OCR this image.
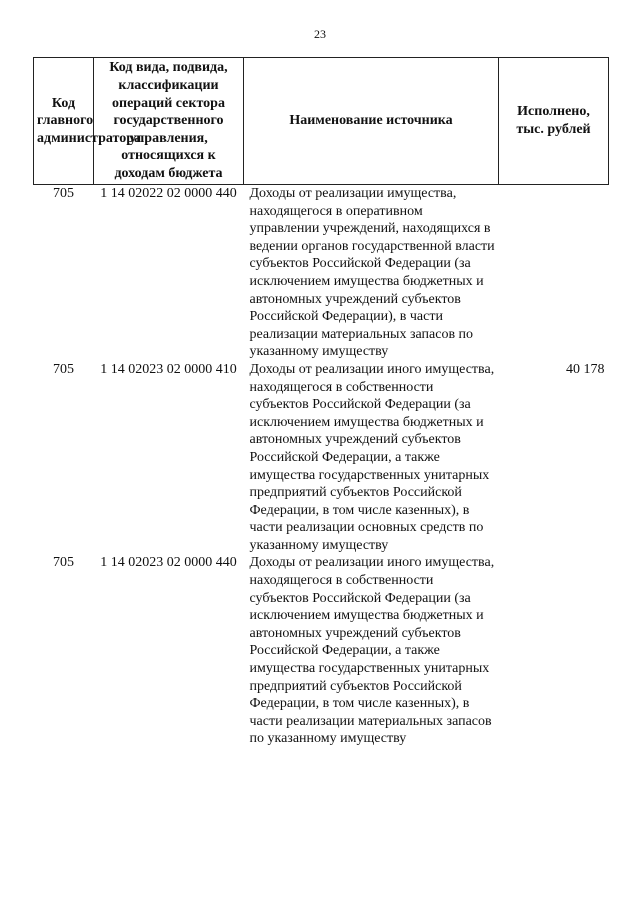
23
Код главного администратора	Код вида, подвида, классификации операций сектора государственного управления, относящихся к доходам бюджета	Наименование источника	Исполнено, тыс. рублей
705	1 14 02022 02 0000 440	Доходы от реализации имущества, находящегося в оперативном управлении учреждений, находящихся в ведении органов государственной власти субъектов Российской Федерации (за исключением имущества бюджетных и автономных учреждений субъектов Российской Федерации), в части реализации материальных запасов по указанному имуществу	
705	1 14 02023 02 0000 410	Доходы от реализации иного имущества, находящегося в собственности субъектов Российской Федерации (за исключением имущества бюджетных и автономных учреждений субъектов Российской Федерации, а также имущества государственных унитарных предприятий субъектов Российской Федерации, в том числе казенных), в части реализации основных средств по указанному имуществу	40 178
705	1 14 02023 02 0000 440	Доходы от реализации иного имущества, находящегося в собственности субъектов Российской Федерации (за исключением имущества бюджетных и автономных учреждений субъектов Российской Федерации, а также имущества государственных унитарных предприятий субъектов Российской Федерации, в том числе казенных), в части реализации материальных запасов по указанному имуществу	
